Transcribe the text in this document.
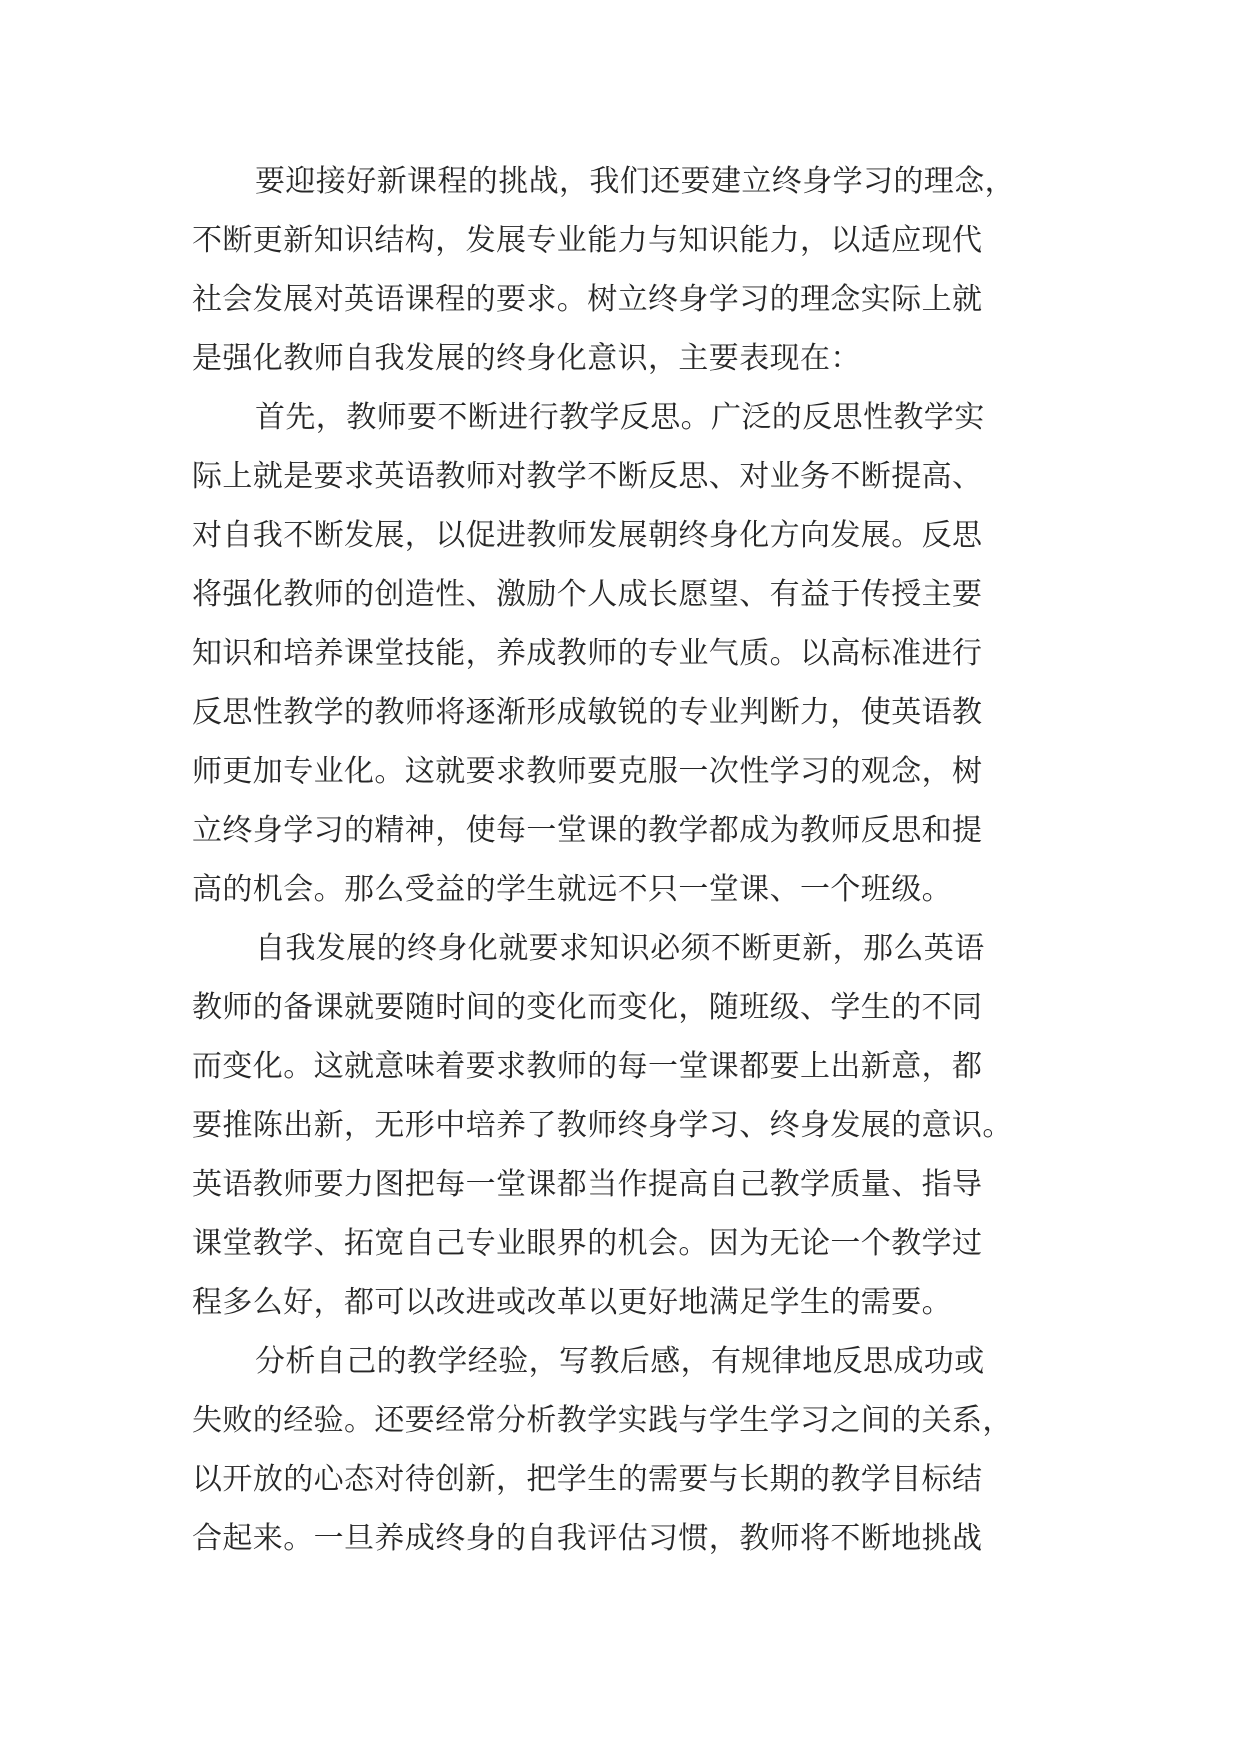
要迎接好新课程的挑战，我们还要建立终身学习的理念，
不断更新知识结构，发展专业能力与知识能力，以适应现代
社会发展对英语课程的要求。树立终身学习的理念实际上就
是强化教师自我发展的终身化意识，主要表现在：
首先，教师要不断进行教学反思。广泛的反思性教学实
际上就是要求英语教师对教学不断反思、对业务不断提高、
对自我不断发展，以促进教师发展朝终身化方向发展。反思
将强化教师的创造性、激励个人成长愿望、有益于传授主要
知识和培养课堂技能，养成教师的专业气质。以高标准进行
反思性教学的教师将逐渐形成敏锐的专业判断力，使英语教
师更加专业化。这就要求教师要克服一次性学习的观念，树
立终身学习的精神，使每一堂课的教学都成为教师反思和提
高的机会。那么受益的学生就远不只一堂课、一个班级。
自我发展的终身化就要求知识必须不断更新，那么英语
教师的备课就要随时间的变化而变化，随班级、学生的不同
而变化。这就意味着要求教师的每一堂课都要上出新意，都
要推陈出新，无形中培养了教师终身学习、终身发展的意识。
英语教师要力图把每一堂课都当作提高自己教学质量、指导
课堂教学、拓宽自己专业眼界的机会。因为无论一个教学过
程多么好，都可以改进或改革以更好地满足学生的需要。
分析自己的教学经验，写教后感，有规律地反思成功或
失败的经验。还要经常分析教学实践与学生学习之间的关系，
以开放的心态对待创新，把学生的需要与长期的教学目标结
合起来。一旦养成终身的自我评估习惯，教师将不断地挑战
